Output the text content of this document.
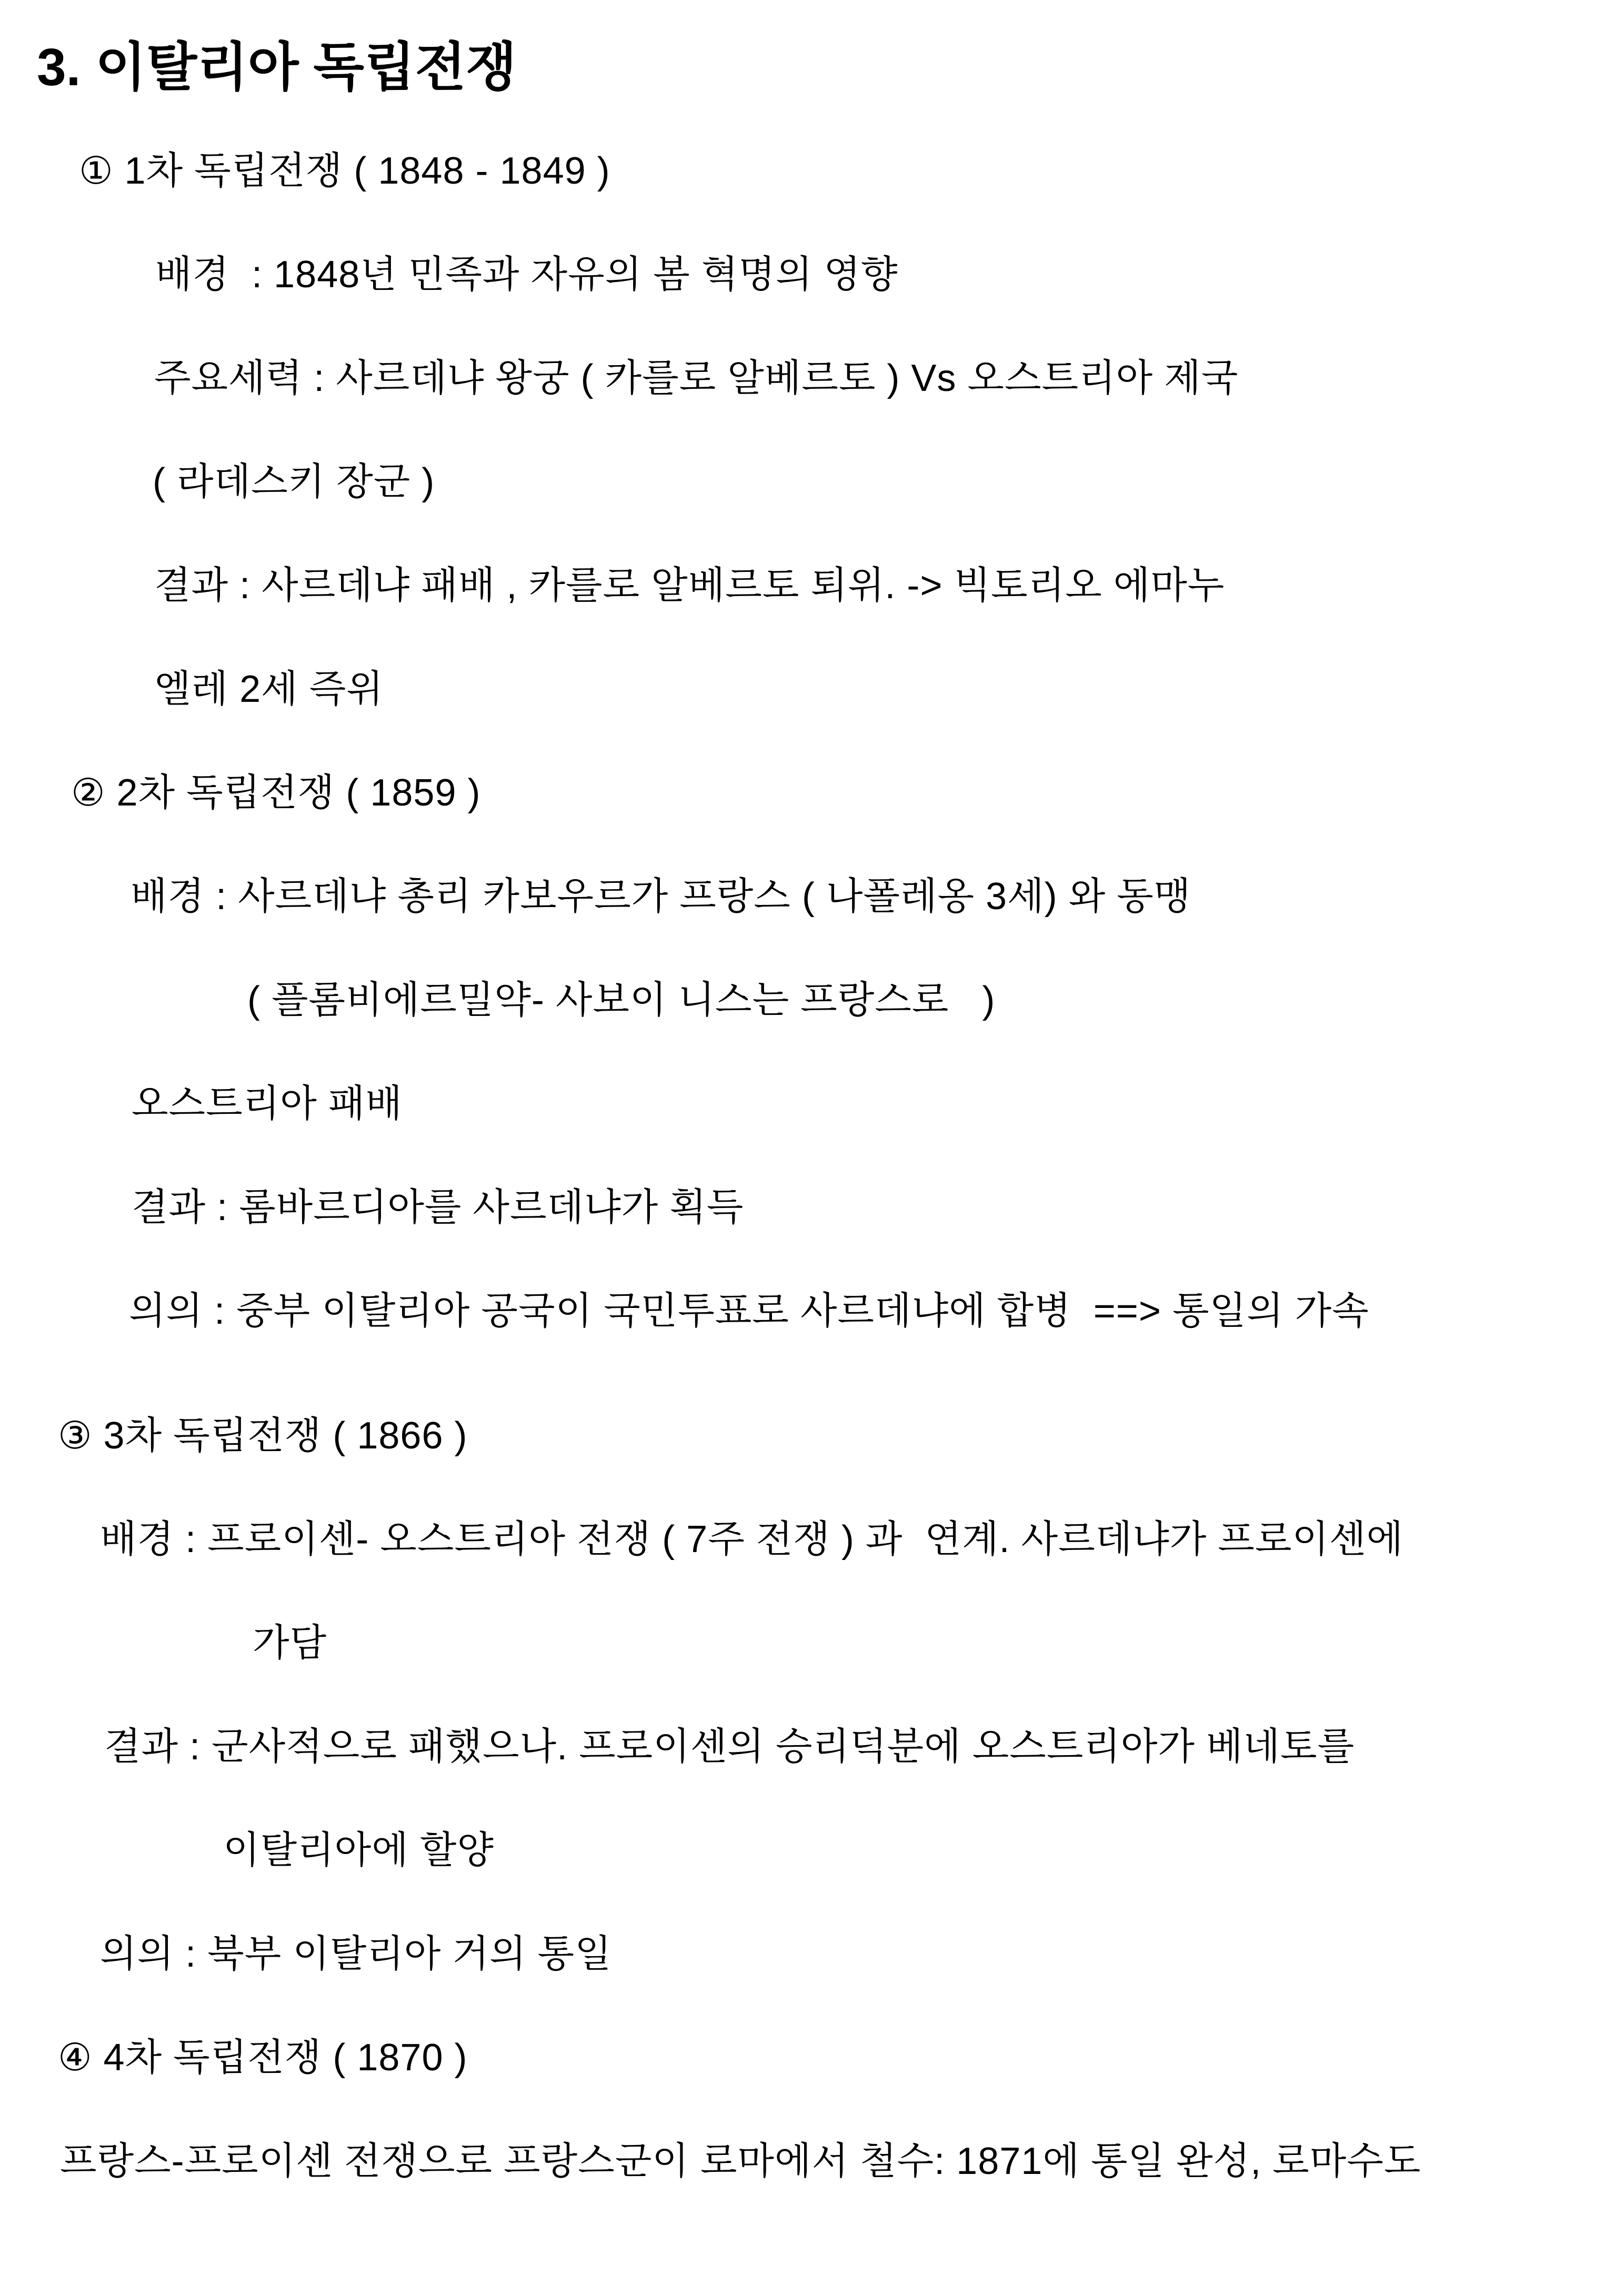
3. 이탈리아 독립전쟁
① 1차 독립전쟁 ( 1848 - 1849 )
배경  : 1848년 민족과 자유의 봄 혁명의 영향
주요세력 : 사르데냐 왕궁 ( 카를로 알베르토 ) Vs 오스트리아 제국
( 라데스키 장군 )
결과 : 사르데냐 패배 , 카를로 알베르토 퇴위. -> 빅토리오 에마누
엘레 2세 즉위
② 2차 독립전쟁 ( 1859 )
배경 : 사르데냐 총리 카보우르가 프랑스 ( 나폴레옹 3세) 와 동맹
( 플롬비에르밀약- 사보이 니스는 프랑스로   )
오스트리아 패배
결과 : 롬바르디아를 사르데냐가 획득
의의 : 중부 이탈리아 공국이 국민투표로 사르데냐에 합병  ==> 통일의 가속
③ 3차 독립전쟁 ( 1866 )
배경 : 프로이센- 오스트리아 전쟁 ( 7주 전쟁 ) 과  연계. 사르데냐가 프로이센에
가담
결과 : 군사적으로 패했으나. 프로이센의 승리덕분에 오스트리아가 베네토를
이탈리아에 할양
의의 : 북부 이탈리아 거의 통일
④ 4차 독립전쟁 ( 1870 )
프랑스-프로이센 전쟁으로 프랑스군이 로마에서 철수: 1871에 통일 완성, 로마수도
